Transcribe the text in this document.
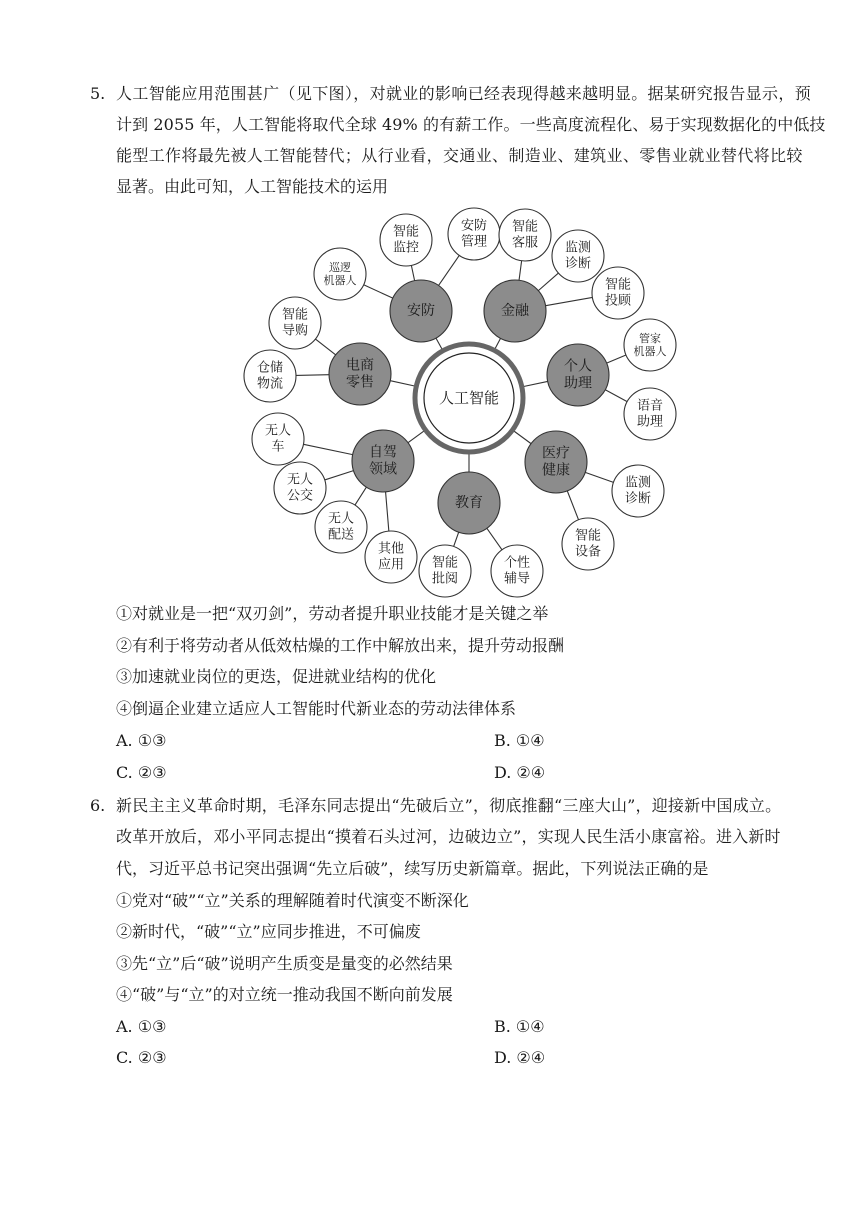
5. 人工智能应用范围甚广（见下图），对就业的影响已经表现得越来越明显。据某研究报告显示，预
计到 2055 年，人工智能将取代全球 49% 的有薪工作。一些高度流程化、易于实现数据化的中低技
能型工作将最先被人工智能替代；从行业看，交通业、制造业、建筑业、零售业就业替代将比较
显著。由此可知，人工智能技术的运用
人工智能
安防
巡逻
机器人
智能
监控
安防
管理
金融
智能
客服 监测
诊断
智能
投顾
个人
助理
管家
机器人
语音
助理
医疗
健康
监测
诊断
智能
设备
教育
智能
批阅
个性
辅导
自驾
领域
无人
车
无人
公交
无人
配送
其他
应用
电商
零售
智能
导购
仓储
物流
①对就业是一把“双刃剑”，劳动者提升职业技能才是关键之举
②有利于将劳动者从低效枯燥的工作中解放出来，提升劳动报酬
③加速就业岗位的更迭，促进就业结构的优化
④倒逼企业建立适应人工智能时代新业态的劳动法律体系
A. ①③	B. ①④
C. ②③	D. ②④
6. 新民主主义革命时期，毛泽东同志提出“先破后立”，彻底推翻“三座大山”，迎接新中国成立。
改革开放后，邓小平同志提出“摸着石头过河，边破边立”，实现人民生活小康富裕。进入新时
代，习近平总书记突出强调“先立后破”，续写历史新篇章。据此，下列说法正确的是
①党对“破”“立”关系的理解随着时代演变不断深化
②新时代，“破”“立”应同步推进，不可偏废
③先“立”后“破”说明产生质变是量变的必然结果
④“破”与“立”的对立统一推动我国不断向前发展
A. ①③	B. ①④
C. ②③	D. ②④
